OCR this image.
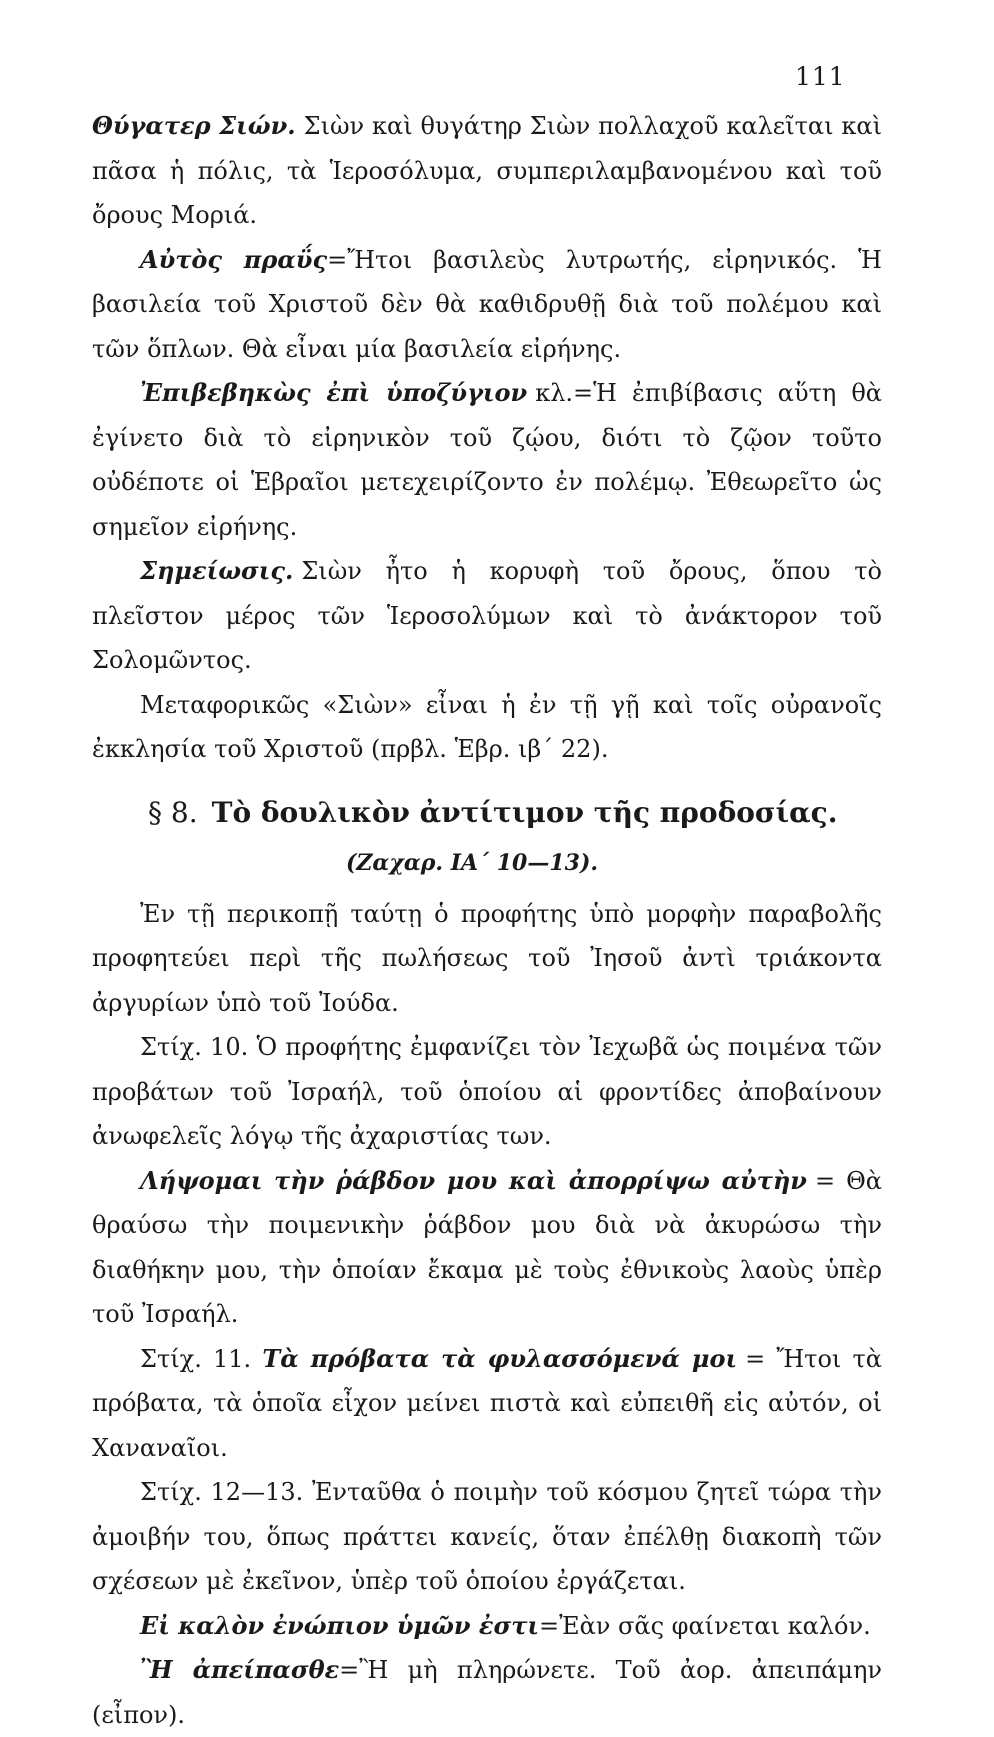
111

Θύγατερ Σιών. Σιὼν καὶ θυγάτηρ Σιὼν πολλαχοῦ καλεῖται καὶ πᾶσα ἡ πόλις, τὰ Ἱεροσόλυμα, συμπεριλαμβανομένου καὶ τοῦ ὄρους Μοριά.

Αὐτὸς πραΰς=Ἤτοι βασιλεὺς λυτρωτής, εἰρηνικός. Ἡ βασιλεία τοῦ Χριστοῦ δὲν θὰ καθιδρυθῇ διὰ τοῦ πολέμου καὶ τῶν ὅπλων. Θὰ εἶναι μία βασιλεία εἰρήνης.

Ἐπιβεβηκὼς ἐπὶ ὑποζύγιον κλ.=Ἡ ἐπιβίβασις αὕτη θὰ ἐγίνετο διὰ τὸ εἰρηνικὸν τοῦ ζῴου, διότι τὸ ζῷον τοῦτο οὐδέποτε οἱ Ἑβραῖοι μετεχειρίζοντο ἐν πολέμῳ. Ἐθεωρεῖτο ὡς σημεῖον εἰρήνης.

Σημείωσις. Σιὼν ἦτο ἡ κορυφὴ τοῦ ὄρους, ὅπου τὸ πλεῖστον μέρος τῶν Ἱεροσολύμων καὶ τὸ ἀνάκτορον τοῦ Σολομῶντος.

Μεταφορικῶς «Σιὼν» εἶναι ἡ ἐν τῇ γῇ καὶ τοῖς οὐρανοῖς ἐκκλησία τοῦ Χριστοῦ (πρβλ. Ἑβρ. ιβ΄ 22).

§ 8. Τὸ δουλικὸν ἀντίτιμον τῆς προδοσίας.
(Ζαχαρ. ΙΑ΄ 10—13).

Ἐν τῇ περικοπῇ ταύτῃ ὁ προφήτης ὑπὸ μορφὴν παραβολῆς προφητεύει περὶ τῆς πωλήσεως τοῦ Ἰησοῦ ἀντὶ τριάκοντα ἀργυρίων ὑπὸ τοῦ Ἰούδα.

Στίχ. 10. Ὁ προφήτης ἐμφανίζει τὸν Ἰεχωβᾶ ὡς ποιμένα τῶν προβάτων τοῦ Ἰσραήλ, τοῦ ὁποίου αἱ φροντίδες ἀποβαίνουν ἀνωφελεῖς λόγῳ τῆς ἀχαριστίας των.

Λήψομαι τὴν ῥάβδον μου καὶ ἀπορρίψω αὐτὴν = Θὰ θραύσω τὴν ποιμενικὴν ῥάβδον μου διὰ νὰ ἀκυρώσω τὴν διαθήκην μου, τὴν ὁποίαν ἔκαμα μὲ τοὺς ἐθνικοὺς λαοὺς ὑπὲρ τοῦ Ἰσραήλ.

Στίχ. 11. Τὰ πρόβατα τὰ φυλασσόμενά μοι = Ἤτοι τὰ πρόβατα, τὰ ὁποῖα εἶχον μείνει πιστὰ καὶ εὐπειθῆ εἰς αὐτόν, οἱ Χαναναῖοι.

Στίχ. 12—13. Ἐνταῦθα ὁ ποιμὴν τοῦ κόσμου ζητεῖ τώρα τὴν ἀμοιβήν του, ὅπως πράττει κανείς, ὅταν ἐπέλθῃ διακοπὴ τῶν σχέσεων μὲ ἐκεῖνον, ὑπὲρ τοῦ ὁποίου ἐργάζεται.

Εἰ καλὸν ἐνώπιον ὑμῶν ἐστι=Ἐὰν σᾶς φαίνεται καλόν.

Ἢ ἀπείπασθε=Ἢ μὴ πληρώνετε. Τοῦ ἀορ. ἀπειπάμην (εἶπον).
